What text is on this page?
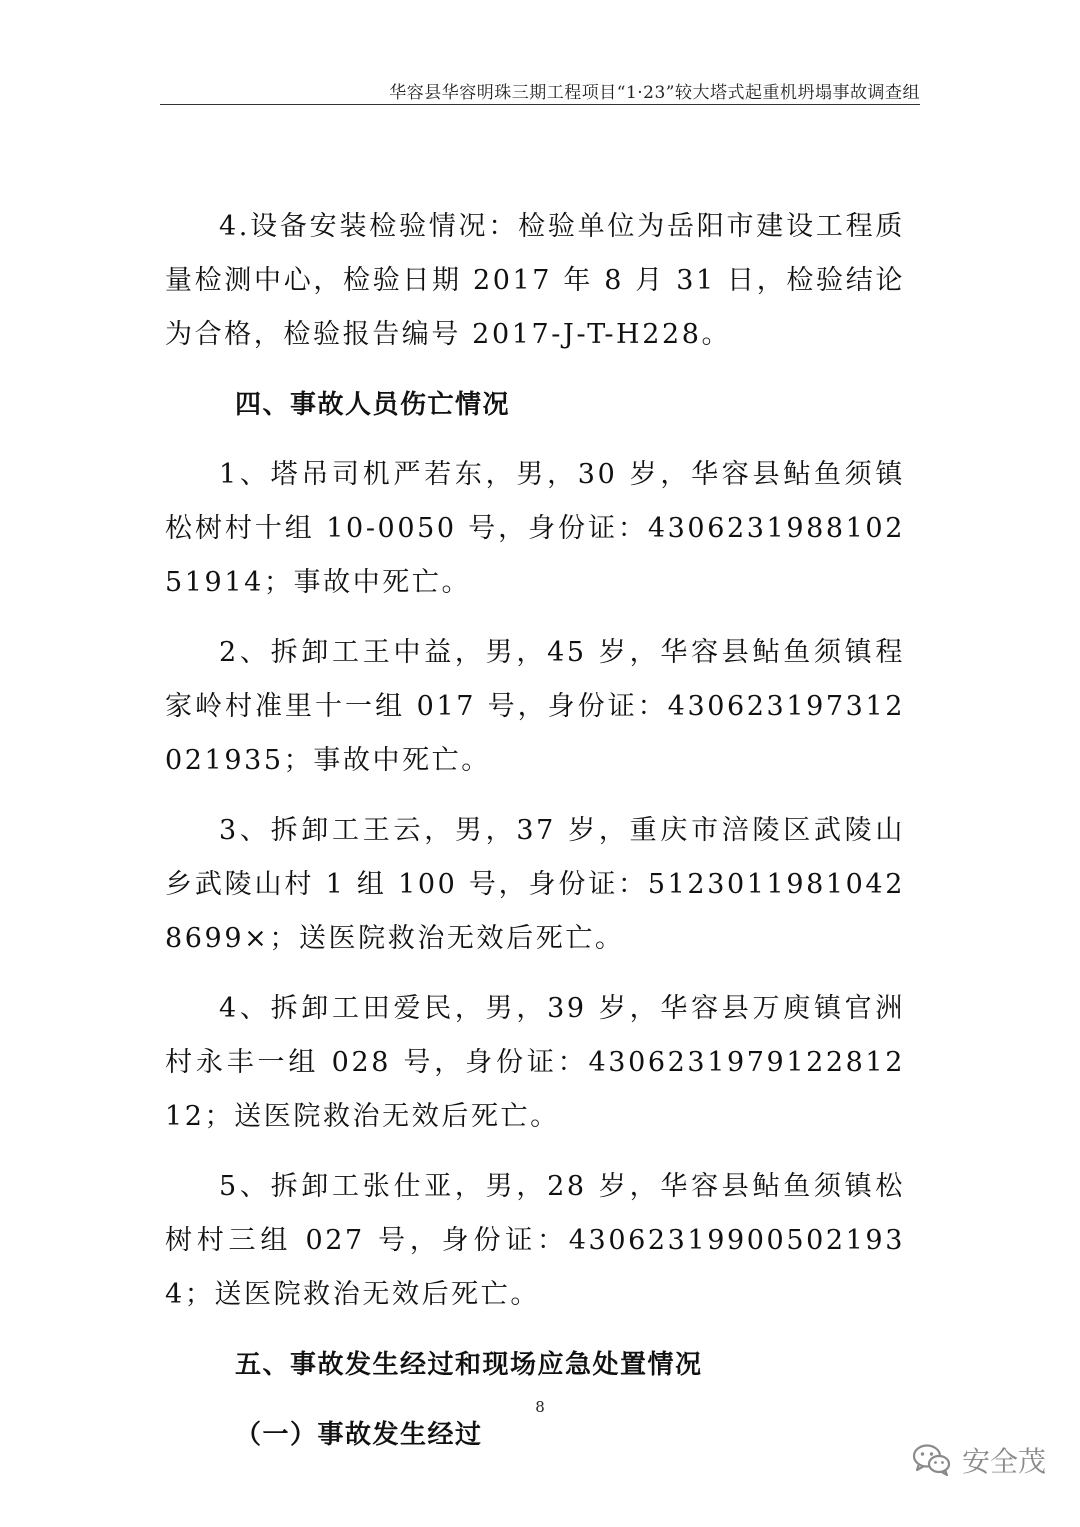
华容县华容明珠三期工程项目“1·23”较大塔式起重机坍塌事故调查组

4.设备安装检验情况：检验单位为岳阳市建设工程质量检测中心，检验日期 2017 年 8 月 31 日，检验结论为合格，检验报告编号 2017-J-T-H228。

四、事故人员伤亡情况

1、塔吊司机严若东，男，30 岁，华容县鲇鱼须镇松树村十组 10-0050 号，身份证：430623198810251914；事故中死亡。

2、拆卸工王中益，男，45 岁，华容县鲇鱼须镇程家岭村准里十一组 017 号，身份证：430623197312021935；事故中死亡。

3、拆卸工王云，男，37 岁，重庆市涪陵区武陵山乡武陵山村 1 组 100 号，身份证：51230119810428699×；送医院救治无效后死亡。

4、拆卸工田爱民，男，39 岁，华容县万庾镇官洲村永丰一组 028 号，身份证：430623197912281212；送医院救治无效后死亡。

5、拆卸工张仕亚，男，28 岁，华容县鲇鱼须镇松树村三组 027 号，身份证：430623199005021934；送医院救治无效后死亡。

五、事故发生经过和现场应急处置情况

（一）事故发生经过

8
安全茂
